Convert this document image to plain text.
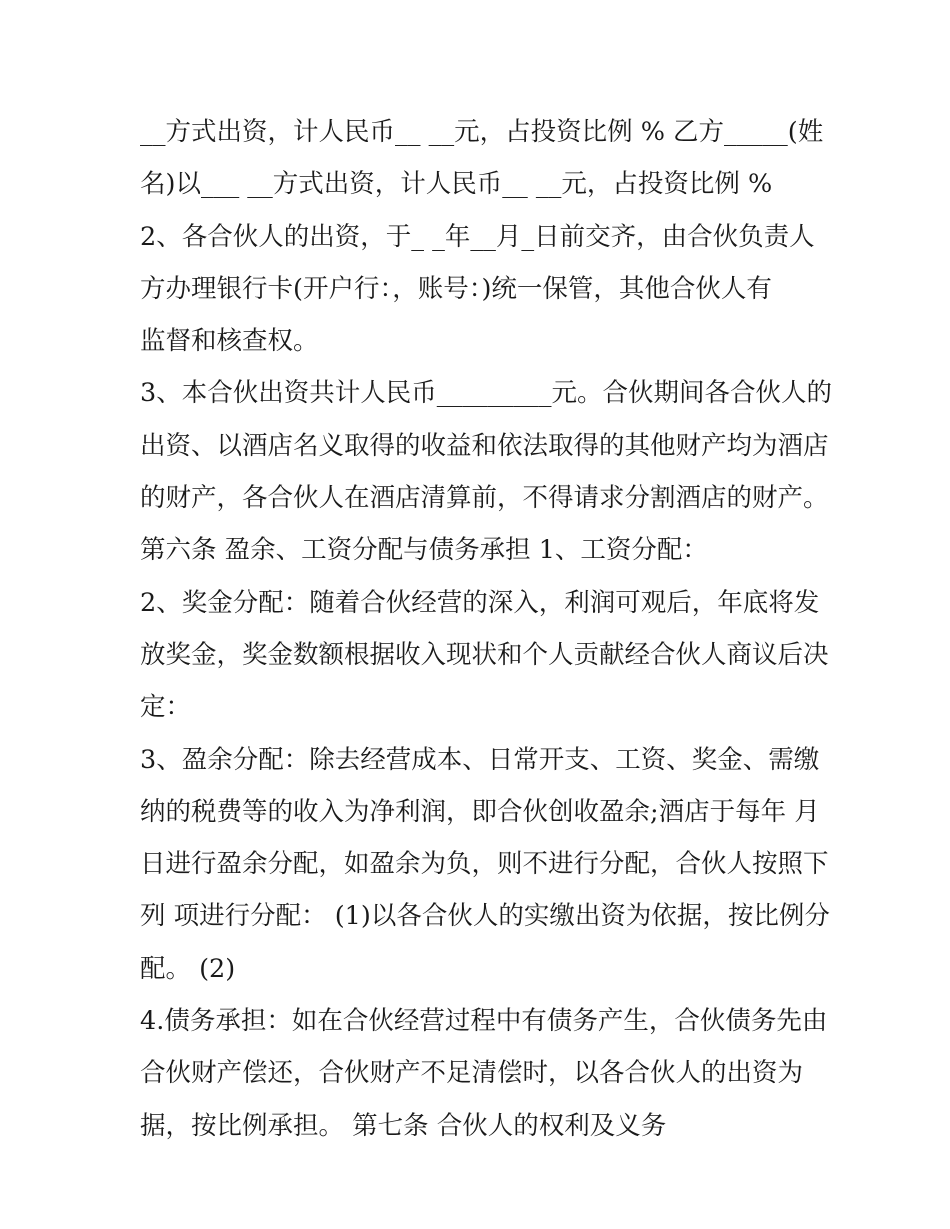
__方式出资，计人民币__ __元，占投资比例 % 乙方_____(姓
名)以___ __方式出资，计人民币__ __元，占投资比例 %
2、各合伙人的出资，于_ _年__月_日前交齐，由合伙负责人
方办理银行卡(开户行：，账号：)统一保管，其他合伙人有
监督和核查权。
3、本合伙出资共计人民币_________元。合伙期间各合伙人的
出资、以酒店名义取得的收益和依法取得的其他财产均为酒店
的财产，各合伙人在酒店清算前，不得请求分割酒店的财产。
第六条 盈余、工资分配与债务承担 1、工资分配：
2、奖金分配：随着合伙经营的深入，利润可观后，年底将发
放奖金，奖金数额根据收入现状和个人贡献经合伙人商议后决
定：
3、盈余分配：除去经营成本、日常开支、工资、奖金、需缴
纳的税费等的收入为净利润，即合伙创收盈余;酒店于每年 月
日进行盈余分配，如盈余为负，则不进行分配，合伙人按照下
列 项进行分配： (1)以各合伙人的实缴出资为依据，按比例分
配。 (2)
4.债务承担：如在合伙经营过程中有债务产生，合伙债务先由
合伙财产偿还，合伙财产不足清偿时，以各合伙人的出资为
据，按比例承担。 第七条 合伙人的权利及义务
